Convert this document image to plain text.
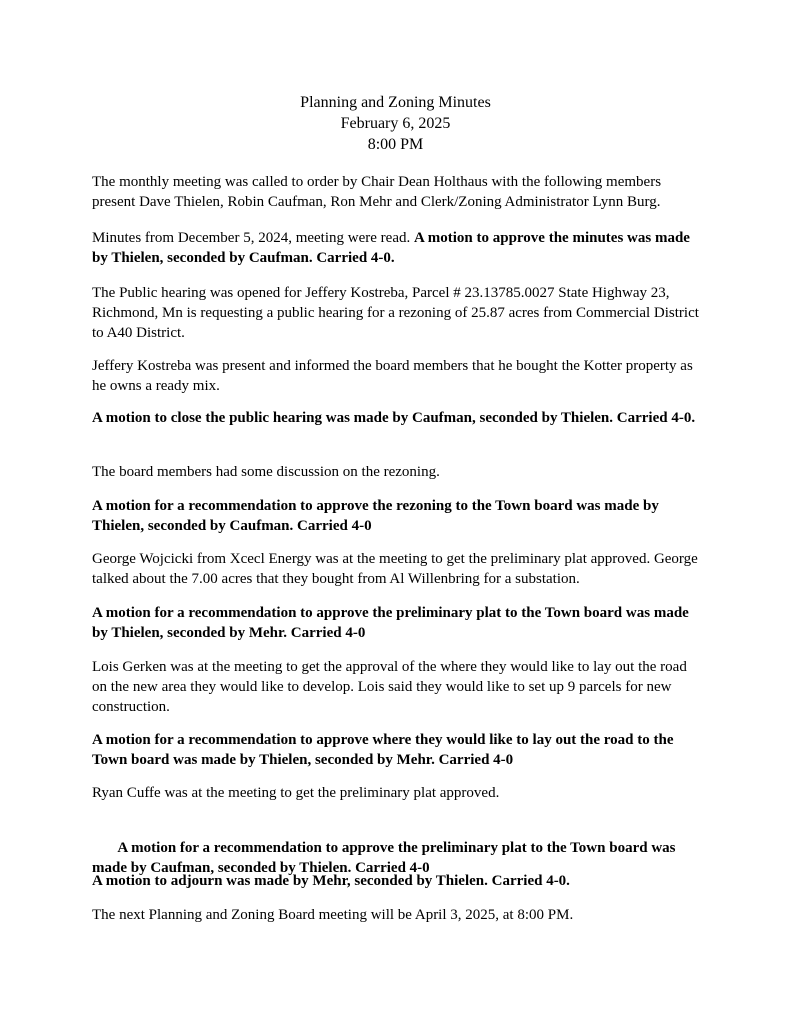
Planning and Zoning Minutes
February 6, 2025
8:00 PM

The monthly meeting was called to order by Chair Dean Holthaus with the following members present Dave Thielen, Robin Caufman, Ron Mehr and Clerk/Zoning Administrator Lynn Burg.

Minutes from December 5, 2024, meeting were read. A motion to approve the minutes was made by Thielen, seconded by Caufman. Carried 4-0.

The Public hearing was opened for Jeffery Kostreba, Parcel # 23.13785.0027 State Highway 23, Richmond, Mn is requesting a public hearing for a rezoning of 25.87 acres from Commercial District to A40 District.

Jeffery Kostreba was present and informed the board members that he bought the Kotter property as he owns a ready mix.

A motion to close the public hearing was made by Caufman, seconded by Thielen. Carried 4-0.

The board members had some discussion on the rezoning.

A motion for a recommendation to approve the rezoning to the Town board was made by Thielen, seconded by Caufman. Carried 4-0

George Wojcicki from Xcecl Energy was at the meeting to get the preliminary plat approved. George talked about the 7.00 acres that they bought from Al Willenbring for a substation.

A motion for a recommendation to approve the preliminary plat to the Town board was made by Thielen, seconded by Mehr. Carried 4-0

Lois Gerken was at the meeting to get the approval of the where they would like to lay out the road on the new area they would like to develop. Lois said they would like to set up 9 parcels for new construction.

A motion for a recommendation to approve where they would like to lay out the road to the Town board was made by Thielen, seconded by Mehr. Carried 4-0

Ryan Cuffe was at the meeting to get the preliminary plat approved.

A motion for a recommendation to approve the preliminary plat to the Town board was made by Caufman, seconded by Thielen. Carried 4-0

A motion to adjourn was made by Mehr, seconded by Thielen. Carried 4-0.

The next Planning and Zoning Board meeting will be April 3, 2025, at 8:00 PM.
